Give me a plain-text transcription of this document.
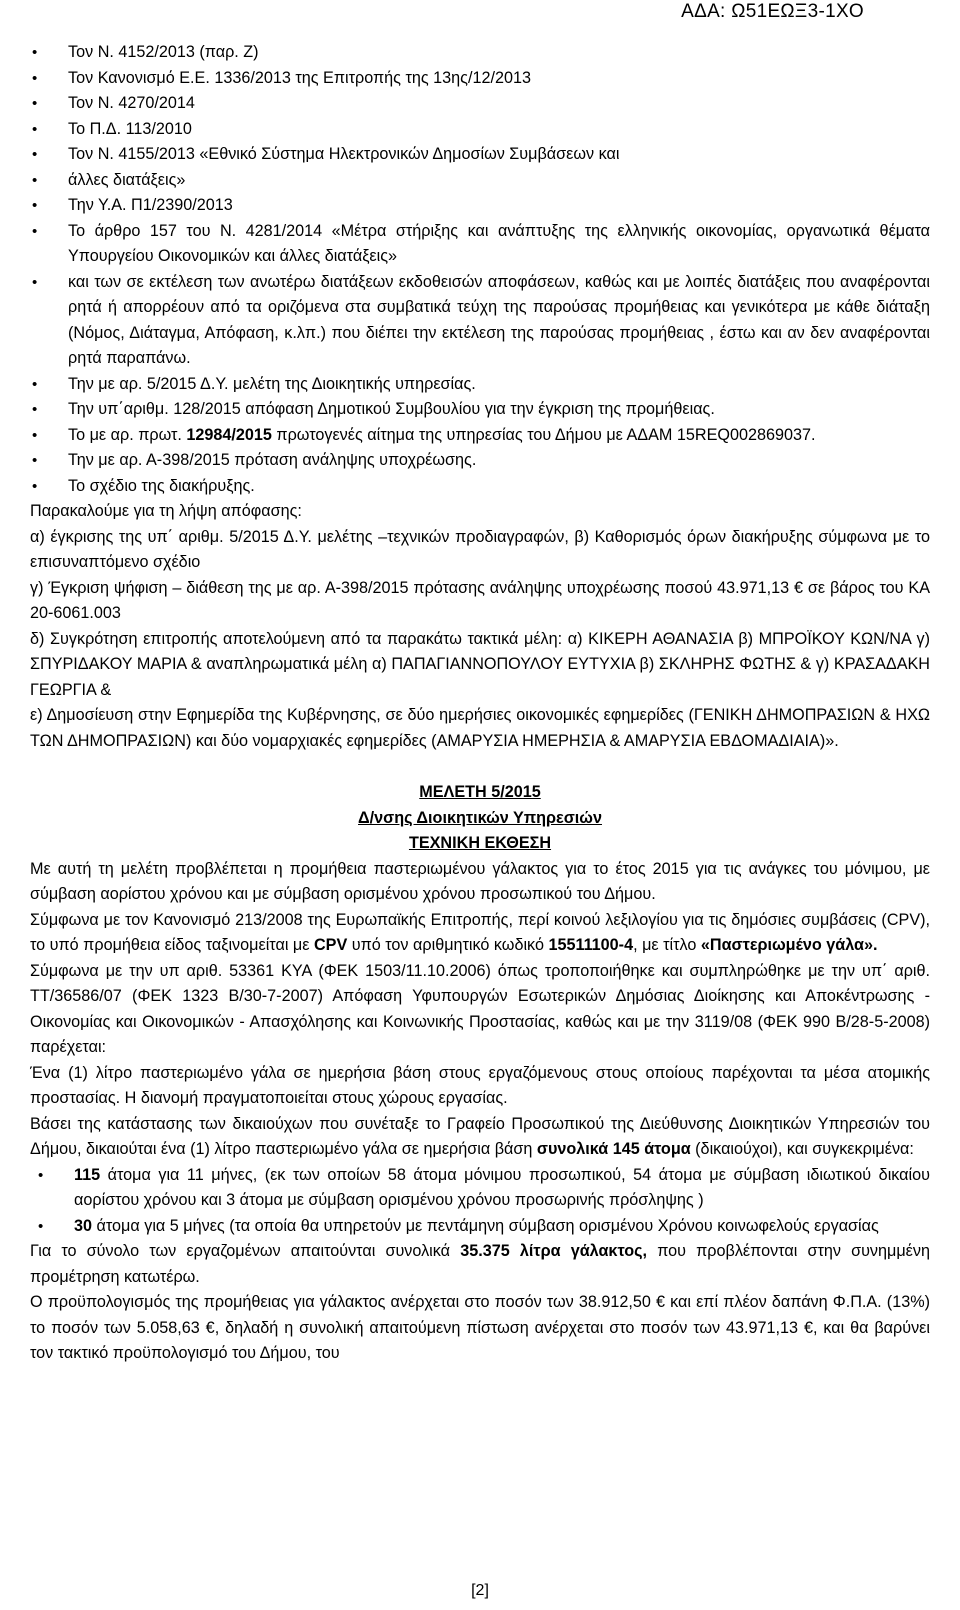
ΑΔΑ: Ω51ΕΩΞ3-1ΧΟ
• Τον Ν. 4152/2013 (παρ. Ζ)
• Τον Κανονισμό Ε.Ε. 1336/2013 της Επιτροπής της 13ης/12/2013
• Τον Ν. 4270/2014
• Το Π.Δ. 113/2010
• Τον Ν. 4155/2013 «Εθνικό Σύστημα Ηλεκτρονικών Δημοσίων Συμβάσεων και
• άλλες διατάξεις»
• Την Υ.Α. Π1/2390/2013
• Το άρθρο 157 του Ν. 4281/2014 «Μέτρα στήριξης και ανάπτυξης της ελληνικής οικονομίας, οργανωτικά θέματα Υπουργείου Οικονομικών και άλλες διατάξεις»
• και των σε εκτέλεση των ανωτέρω διατάξεων εκδοθεισών αποφάσεων, καθώς και με λοιπές διατάξεις που αναφέρονται ρητά ή απορρέουν από τα οριζόμενα στα συμβατικά τεύχη της παρούσας προμήθειας και γενικότερα με κάθε διάταξη (Νόμος, Διάταγμα, Απόφαση, κ.λπ.) που διέπει την εκτέλεση της παρούσας προμήθειας , έστω και αν δεν αναφέρονται ρητά παραπάνω.
• Την με αρ. 5/2015 Δ.Υ. μελέτη της Διοικητικής υπηρεσίας.
• Την υπ΄αριθμ. 128/2015 απόφαση Δημοτικού Συμβουλίου για την έγκριση της προμήθειας.
• Το με αρ. πρωτ. 12984/2015 πρωτογενές αίτημα της υπηρεσίας του Δήμου με ΑΔΑΜ 15REQ002869037.
• Την με αρ. Α-398/2015 πρόταση ανάληψης υποχρέωσης.
• Το σχέδιο της διακήρυξης.

Παρακαλούμε για τη λήψη απόφασης:

α) έγκρισης της υπ΄ αριθμ. 5/2015 Δ.Υ. μελέτης –τεχνικών προδιαγραφών, β) Καθορισμός όρων διακήρυξης σύμφωνα με το επισυναπτόμενο σχέδιο

γ) Έγκριση ψήφιση – διάθεση της με αρ. Α-398/2015 πρότασης ανάληψης υποχρέωσης ποσού 43.971,13 € σε βάρος του ΚΑ 20-6061.003

δ) Συγκρότηση επιτροπής αποτελούμενη από τα παρακάτω τακτικά μέλη: α) ΚΙΚΕΡΗ ΑΘΑΝΑΣΙΑ β) ΜΠΡΟΪΚΟΥ ΚΩΝ/ΝΑ γ) ΣΠΥΡΙΔΑΚΟΥ ΜΑΡΙΑ & αναπληρωματικά μέλη α) ΠΑΠΑΓΙΑΝΝΟΠΟΥΛΟΥ ΕΥΤΥΧΙΑ β) ΣΚΛΗΡΗΣ ΦΩΤΗΣ & γ) ΚΡΑΣΑΔΑΚΗ ΓΕΩΡΓΙΑ &

ε) Δημοσίευση στην Εφημερίδα της Κυβέρνησης, σε δύο ημερήσιες οικονομικές εφημερίδες (ΓΕΝΙΚΗ ΔΗΜΟΠΡΑΣΙΩΝ & ΗΧΩ ΤΩΝ ΔΗΜΟΠΡΑΣΙΩΝ) και δύο νομαρχιακές εφημερίδες (ΑΜΑΡΥΣΙΑ ΗΜΕΡΗΣΙΑ & ΑΜΑΡΥΣΙΑ ΕΒΔΟΜΑΔΙΑΙΑ)».

ΜΕΛΕΤΗ 5/2015
Δ/νσης Διοικητικών Υπηρεσιών
ΤΕΧΝΙΚΗ ΕΚΘΕΣΗ

Με αυτή τη μελέτη προβλέπεται η προμήθεια παστεριωμένου γάλακτος για το έτος 2015 για τις ανάγκες του μόνιμου, με σύμβαση αορίστου χρόνου και με σύμβαση ορισμένου χρόνου προσωπικού του Δήμου.

Σύμφωνα με τον Κανονισμό 213/2008 της Ευρωπαϊκής Επιτροπής, περί κοινού λεξιλογίου για τις δημόσιες συμβάσεις (CPV), το υπό προμήθεια είδος ταξινομείται με CPV υπό τον αριθμητικό κωδικό 15511100-4, με τίτλο «Παστεριωμένο γάλα».

Σύμφωνα με την υπ αριθ. 53361 ΚΥΑ (ΦΕΚ 1503/11.10.2006) όπως τροποποιήθηκε και συμπληρώθηκε με την υπ΄ αριθ. ΤΤ/36586/07 (ΦΕΚ 1323 Β/30-7-2007) Απόφαση Υφυπουργών Εσωτερικών Δημόσιας Διοίκησης και Αποκέντρωσης - Οικονομίας και Οικονομικών - Απασχόλησης και Κοινωνικής Προστασίας, καθώς και με την 3119/08 (ΦΕΚ 990 Β/28-5-2008) παρέχεται:

Ένα (1) λίτρο παστεριωμένο γάλα σε ημερήσια βάση στους εργαζόμενους στους οποίους παρέχονται τα μέσα ατομικής προστασίας. Η διανομή πραγματοποιείται στους χώρους εργασίας.

Βάσει της κατάστασης των δικαιούχων που συνέταξε το Γραφείο Προσωπικού της Διεύθυνσης Διοικητικών Υπηρεσιών του Δήμου, δικαιούται ένα (1) λίτρο παστεριωμένο γάλα σε ημερήσια βάση συνολικά 145 άτομα (δικαιούχοι), και συγκεκριμένα:

• 115 άτομα για 11 μήνες, (εκ των οποίων 58 άτομα μόνιμου προσωπικού, 54 άτομα με σύμβαση ιδιωτικού δικαίου αορίστου χρόνου και 3 άτομα με σύμβαση ορισμένου χρόνου προσωρινής πρόσληψης )
• 30 άτομα για 5 μήνες (τα οποία θα υπηρετούν με πεντάμηνη σύμβαση ορισμένου Χρόνου κοινωφελούς εργασίας

Για το σύνολο των εργαζομένων απαιτούνται συνολικά 35.375 λίτρα γάλακτος, που προβλέπονται στην συνημμένη προμέτρηση κατωτέρω.

Ο προϋπολογισμός της προμήθειας για γάλακτος ανέρχεται στο ποσόν των 38.912,50 € και επί πλέον δαπάνη Φ.Π.Α. (13%) το ποσόν των 5.058,63 €, δηλαδή η συνολική απαιτούμενη πίστωση ανέρχεται στο ποσόν των 43.971,13 €, και θα βαρύνει τον τακτικό προϋπολογισμό του Δήμου, του

[2]
